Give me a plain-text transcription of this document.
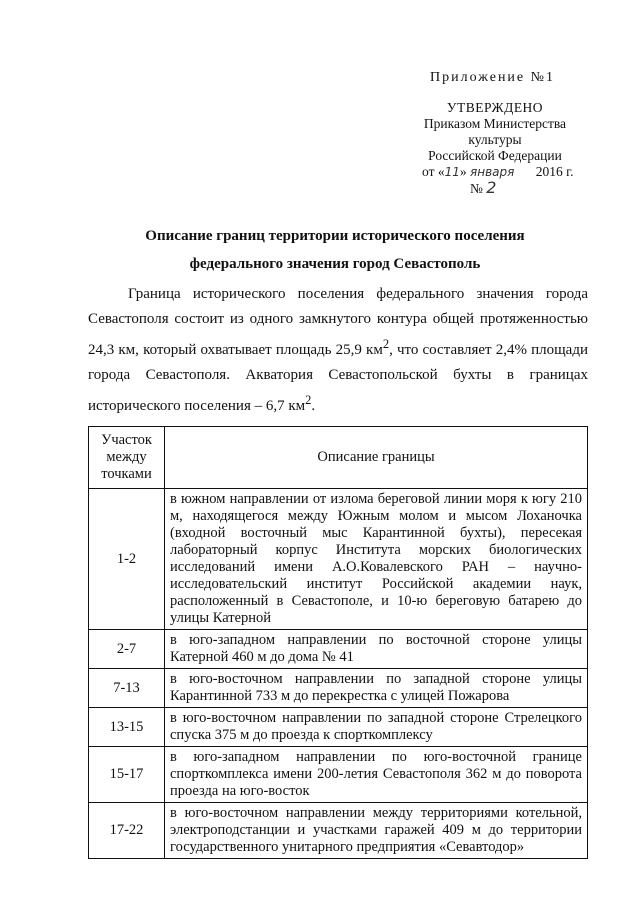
Приложение №1
УТВЕРЖДЕНО
Приказом Министерства культуры
Российской Федерации
от «11» января 2016 г.
№ 2
Описание границ территории исторического поселения
федерального значения город Севастополь

Граница исторического поселения федерального значения города Севастополя состоит из одного замкнутого контура общей протяженностью 24,3 км, который охватывает площадь 25,9 $км^2$, что составляет 2,4% площади города Севастополя. Акватория Севастопольской бухты в границах исторического поселения – 6,7 $км^2$.

Участок между точками	Описание границы
1-2	в южном направлении от излома береговой линии моря к югу 210 м, находящегося между Южным молом и мысом Лоханочка (входной восточный мыс Карантинной бухты), пересекая лабораторный корпус Института морских биологических исследований имени А.О.Ковалевского РАН – научно-исследовательский институт Российской академии наук, расположенный в Севастополе, и 10-ю береговую батарею до улицы Катерной
2-7	в юго-западном направлении по восточной стороне улицы Катерной 460 м до дома № 41
7-13	в юго-восточном направлении по западной стороне улицы Карантинной 733 м до перекрестка с улицей Пожарова
13-15	в юго-восточном направлении по западной стороне Стрелецкого спуска 375 м до проезда к спорткомплексу
15-17	в юго-западном направлении по юго-восточной границе спорткомплекса имени 200-летия Севастополя 362 м до поворота проезда на юго-восток
17-22	в юго-восточном направлении между территориями котельной, электроподстанции и участками гаражей 409 м до территории государственного унитарного предприятия «Севавтодор»
